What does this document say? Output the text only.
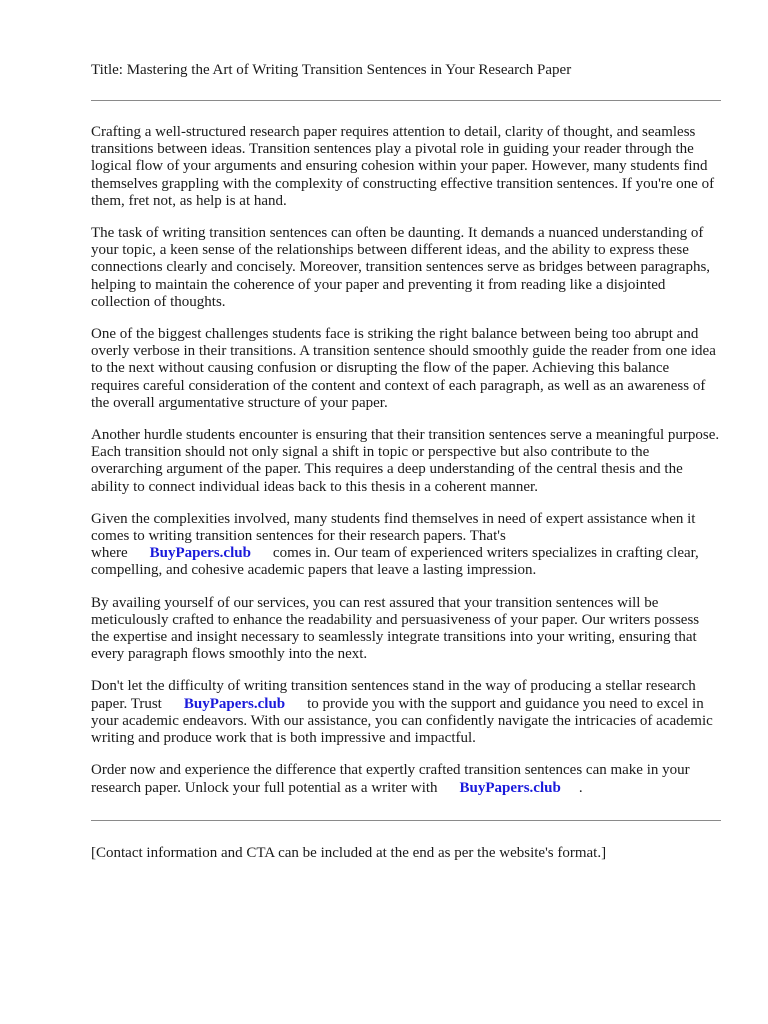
Title: Mastering the Art of Writing Transition Sentences in Your Research Paper

Crafting a well-structured research paper requires attention to detail, clarity of thought, and seamless transitions between ideas. Transition sentences play a pivotal role in guiding your reader through the logical flow of your arguments and ensuring cohesion within your paper. However, many students find themselves grappling with the complexity of constructing effective transition sentences. If you're one of them, fret not, as help is at hand.

The task of writing transition sentences can often be daunting. It demands a nuanced understanding of your topic, a keen sense of the relationships between different ideas, and the ability to express these connections clearly and concisely. Moreover, transition sentences serve as bridges between paragraphs, helping to maintain the coherence of your paper and preventing it from reading like a disjointed collection of thoughts.

One of the biggest challenges students face is striking the right balance between being too abrupt and overly verbose in their transitions. A transition sentence should smoothly guide the reader from one idea to the next without causing confusion or disrupting the flow of the paper. Achieving this balance requires careful consideration of the content and context of each paragraph, as well as an awareness of the overall argumentative structure of your paper.

Another hurdle students encounter is ensuring that their transition sentences serve a meaningful purpose. Each transition should not only signal a shift in topic or perspective but also contribute to the overarching argument of the paper. This requires a deep understanding of the central thesis and the ability to connect individual ideas back to this thesis in a coherent manner.

Given the complexities involved, many students find themselves in need of expert assistance when it comes to writing transition sentences for their research papers. That's where BuyPapers.club comes in. Our team of experienced writers specializes in crafting clear, compelling, and cohesive academic papers that leave a lasting impression.

By availing yourself of our services, you can rest assured that your transition sentences will be meticulously crafted to enhance the readability and persuasiveness of your paper. Our writers possess the expertise and insight necessary to seamlessly integrate transitions into your writing, ensuring that every paragraph flows smoothly into the next.

Don't let the difficulty of writing transition sentences stand in the way of producing a stellar research paper. Trust BuyPapers.club to provide you with the support and guidance you need to excel in your academic endeavors. With our assistance, you can confidently navigate the intricacies of academic writing and produce work that is both impressive and impactful.

Order now and experience the difference that expertly crafted transition sentences can make in your research paper. Unlock your full potential as a writer with BuyPapers.club .

[Contact information and CTA can be included at the end as per the website's format.]
